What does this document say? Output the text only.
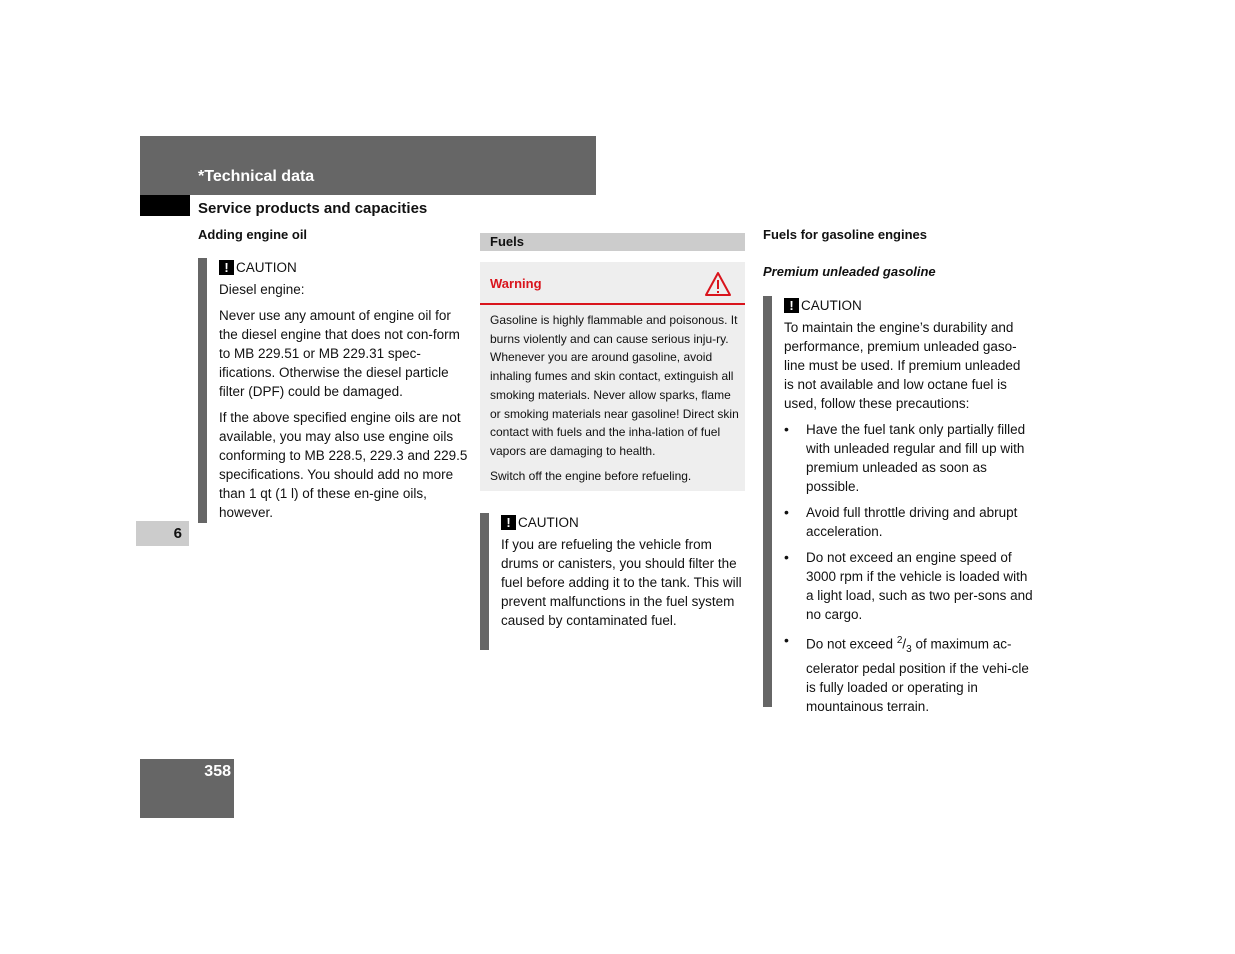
*Technical data
Service products and capacities
Adding engine oil
! CAUTION

Diesel engine:

Never use any amount of engine oil for the diesel engine that does not con-form to MB 229.51 or MB 229.31 spec-ifications. Otherwise the diesel particle filter (DPF) could be damaged.

If the above specified engine oils are not available, you may also use engine oils conforming to MB 228.5, 229.3 and 229.5 specifications. You should add no more than 1 qt (1 l) of these en-gine oils, however.

Fuels
Warning

Gasoline is highly flammable and poisonous. It burns violently and can cause serious inju-ry. Whenever you are around gasoline, avoid inhaling fumes and skin contact, extinguish all smoking materials. Never allow sparks, flame or smoking materials near gasoline! Direct skin contact with fuels and the inha-lation of fuel vapors are damaging to health.

Switch off the engine before refueling.

! CAUTION

If you are refueling the vehicle from drums or canisters, you should filter the fuel before adding it to the tank. This will prevent malfunctions in the fuel system caused by contaminated fuel.

Fuels for gasoline engines
Premium unleaded gasoline
! CAUTION

To maintain the engine’s durability and performance, premium unleaded gaso-line must be used. If premium unleaded is not available and low octane fuel is used, follow these precautions:

• Have the fuel tank only partially filled with unleaded regular and fill up with premium unleaded as soon as possible.
• Avoid full throttle driving and abrupt acceleration.
• Do not exceed an engine speed of 3000 rpm if the vehicle is loaded with a light load, such as two per-sons and no cargo.
• Do not exceed $^2/_3$ of maximum ac-celerator pedal position if the vehi-cle is fully loaded or operating in mountainous terrain.
6
358
